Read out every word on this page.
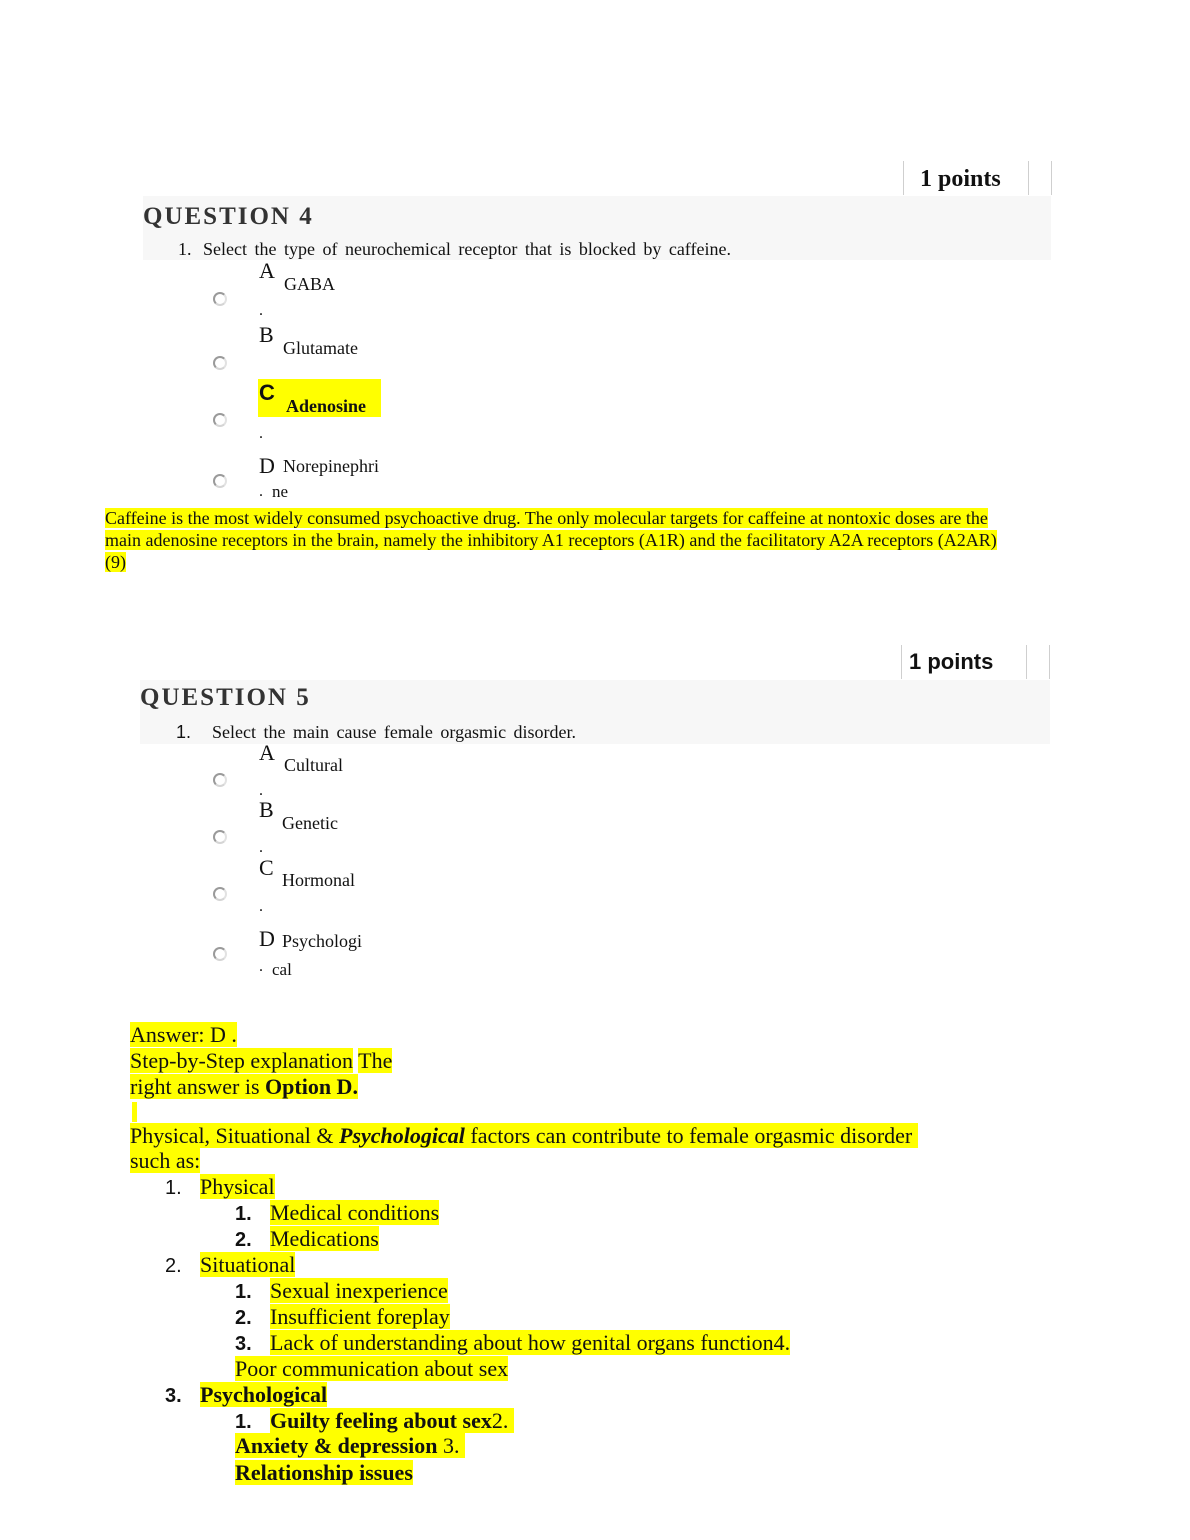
1 points
QUESTION 4
1. Select the type of neurochemical receptor that is blocked by caffeine.
A
GABA
.
B
Glutamate
C
Adenosine
.
D Norepinephri
. ne
Caffeine is the most widely consumed psychoactive drug. The only molecular targets for caffeine at nontoxic doses are the
main adenosine receptors in the brain, namely the inhibitory A1 receptors (A1R) and the facilitatory A2A receptors (A2AR)
(9)
1 points
QUESTION 5
1. Select the main cause female orgasmic disorder.
A Cultural
.
B
Genetic
.
C Hormonal
.
D Psychologi
. cal
Answer: D .
Step-by-Step explanation The
right answer is Option D.
Physical, Situational & Psychological factors can contribute to female orgasmic disorder
such as:
1. Physical
1. Medical conditions
2. Medications
2. Situational
1. Sexual inexperience
2. Insufficient foreplay
3. Lack of understanding about how genital organs function4.
Poor communication about sex
3. Psychological
1. Guilty feeling about sex2.
Anxiety & depression 3.
Relationship issues
